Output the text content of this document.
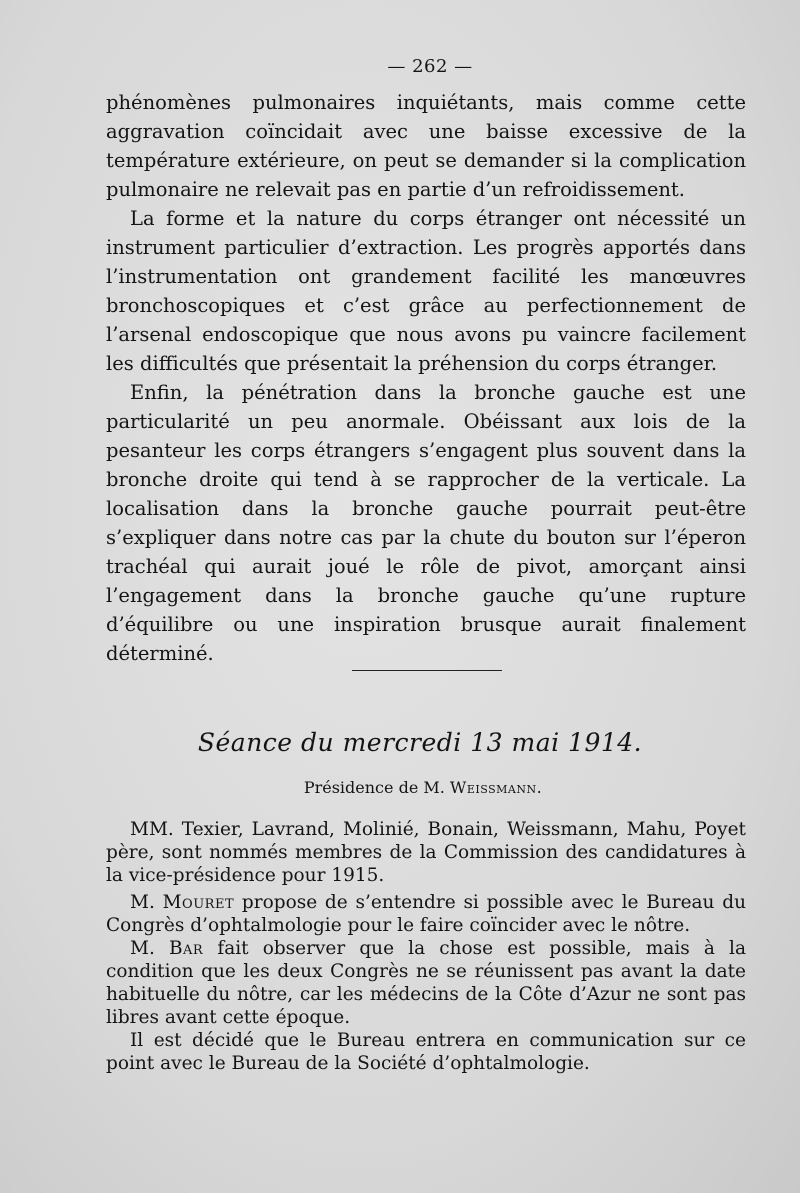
— 262 —

phénomènes pulmonaires inquiétants, mais comme cette aggravation coïncidait avec une baisse excessive de la température extérieure, on peut se demander si la complication pulmonaire ne relevait pas en partie d’un refroidissement.

La forme et la nature du corps étranger ont nécessité un instrument particulier d’extraction. Les progrès apportés dans l’instrumentation ont grandement facilité les manœuvres bronchoscopiques et c’est grâce au perfectionnement de l’arsenal endoscopique que nous avons pu vaincre facilement les difficultés que présentait la préhension du corps étranger.

Enfin, la pénétration dans la bronche gauche est une particularité un peu anormale. Obéissant aux lois de la pesanteur les corps étrangers s’engagent plus souvent dans la bronche droite qui tend à se rapprocher de la verticale. La localisation dans la bronche gauche pourrait peut-être s’expliquer dans notre cas par la chute du bouton sur l’éperon trachéal qui aurait joué le rôle de pivot, amorçant ainsi l’engagement dans la bronche gauche qu’une rupture d’équilibre ou une inspiration brusque aurait finalement déterminé.

Séance du mercredi 13 mai 1914.
Présidence de M. Weissmann.

MM. Texier, Lavrand, Molinié, Bonain, Weissmann, Mahu, Poyet père, sont nommés membres de la Commission des candidatures à la vice-présidence pour 1915.

M. Mouret propose de s’entendre si possible avec le Bureau du Congrès d’ophtalmologie pour le faire coïncider avec le nôtre.

M. Bar fait observer que la chose est possible, mais à la condition que les deux Congrès ne se réunissent pas avant la date habituelle du nôtre, car les médecins de la Côte d’Azur ne sont pas libres avant cette époque.

Il est décidé que le Bureau entrera en communication sur ce point avec le Bureau de la Société d’ophtalmologie.
